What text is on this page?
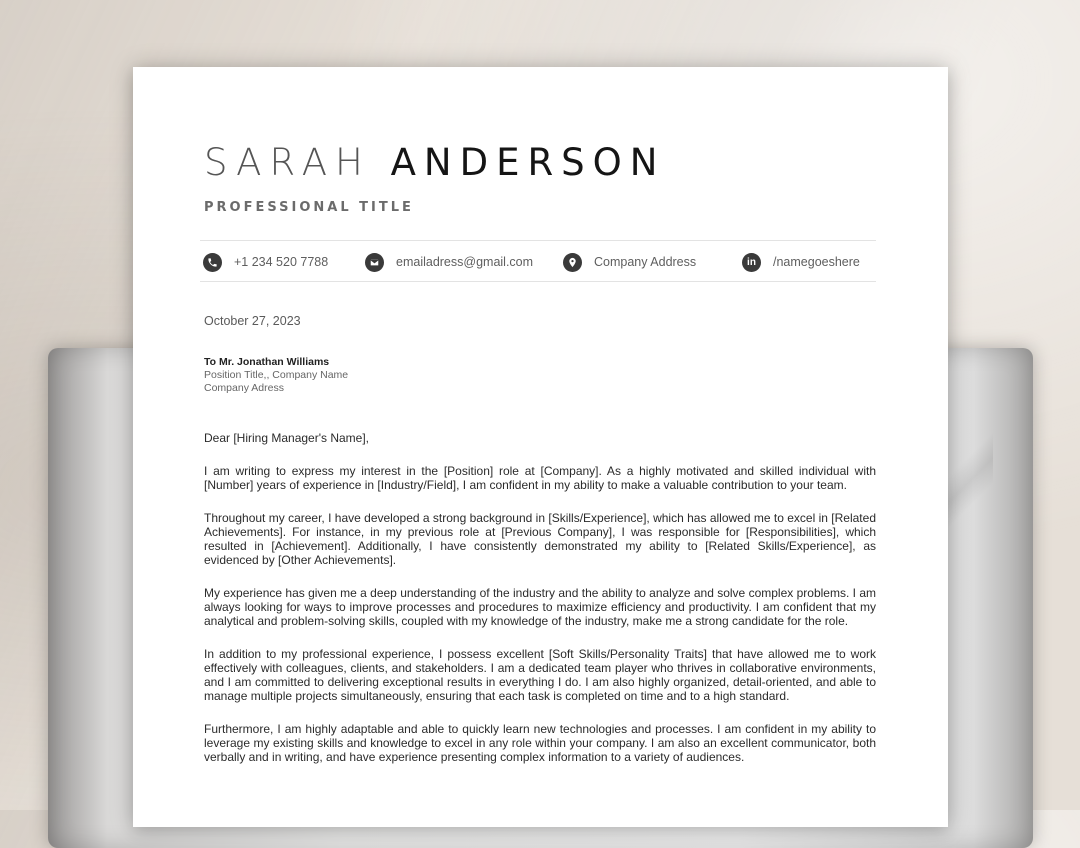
SARAH ANDERSON
PROFESSIONAL TITLE
+1 234 520 7788	emailadress@gmail.com	Company Address	in /namegoeshere
October 27, 2023
To Mr. Jonathan Williams
Position Title,, Company Name
Company Adress
Dear [Hiring Manager's Name],

I am writing to express my interest in the [Position] role at [Company]. As a highly motivated and skilled individual with [Number] years of experience in [Industry/Field], I am confident in my ability to make a valuable contribution to your team.

Throughout my career, I have developed a strong background in [Skills/Experience], which has allowed me to excel in [Related Achievements]. For instance, in my previous role at [Previous Company], I was responsible for [Responsibilities], which resulted in [Achievement]. Additionally, I have consistently demonstrated my ability to [Related Skills/Experience], as evidenced by [Other Achievements].

My experience has given me a deep understanding of the industry and the ability to analyze and solve complex problems. I am always looking for ways to improve processes and procedures to maximize efficiency and productivity. I am confident that my analytical and problem-solving skills, coupled with my knowledge of the industry, make me a strong candidate for the role.

In addition to my professional experience, I possess excellent [Soft Skills/Personality Traits] that have allowed me to work effectively with colleagues, clients, and stakeholders. I am a dedicated team player who thrives in collaborative environments, and I am committed to delivering exceptional results in everything I do. I am also highly organized, detail-oriented, and able to manage multiple projects simultaneously, ensuring that each task is completed on time and to a high standard.

Furthermore, I am highly adaptable and able to quickly learn new technologies and processes. I am confident in my ability to leverage my existing skills and knowledge to excel in any role within your company. I am also an excellent communicator, both verbally and in writing, and have experience presenting complex information to a variety of audiences.
